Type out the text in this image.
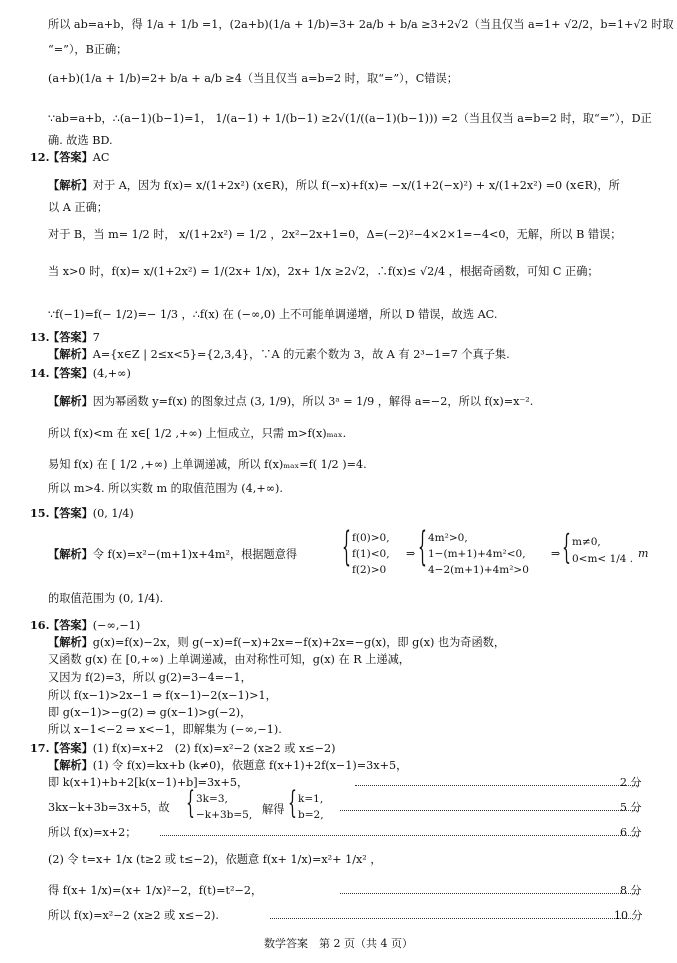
所以 ab=a+b，得 1/a + 1/b =1，(2a+b)(1/a + 1/b)=3+ 2a/b + b/a ≥3+2√2（当且仅当 a=1+ √2/2，b=1+√2 时取
“=”），B正确；
(a+b)(1/a + 1/b)=2+ b/a + a/b ≥4（当且仅当 a=b=2 时，取“=”），C错误；
∵ab=a+b，∴(a−1)(b−1)=1， 1/(a−1) + 1/(b−1) ≥2√(1/((a−1)(b−1))) =2（当且仅当 a=b=2 时，取“=”），D正
确. 故选 BD.
12.
【答案】AC
【解析】对于 A，因为 f(x)= x/(1+2x²) (x∈R)，所以 f(−x)+f(x)= −x/(1+2(−x)²) + x/(1+2x²) =0 (x∈R)，所
以 A 正确；
对于 B，当 m= 1/2 时， x/(1+2x²) = 1/2 ，2x²−2x+1=0，Δ=(−2)²−4×2×1=−4<0，无解，所以 B 错误；
当 x>0 时，f(x)= x/(1+2x²) = 1/(2x+ 1/x)，2x+ 1/x ≥2√2，∴f(x)≤ √2/4 ，根据奇函数，可知 C 正确；
∵f(−1)=f(− 1/2)=− 1/3 ，∴f(x) 在 (−∞,0) 上不可能单调递增，所以 D 错误，故选 AC.
13.
【答案】7
【解析】A={x∈Z | 2≤x<5}={2,3,4}，∵A 的元素个数为 3，故 A 有 2³−1=7 个真子集.
14.
【答案】(4,+∞)
【解析】因为幂函数 y=f(x) 的图象过点 (3, 1/9)，所以 3ᵃ = 1/9 ，解得 a=−2，所以 f(x)=x⁻².
所以 f(x)<m 在 x∈[ 1/2 ,+∞) 上恒成立，只需 m>f(x)ₘₐₓ.
易知 f(x) 在 [ 1/2 ,+∞) 上单调递减，所以 f(x)ₘₐₓ=f( 1/2 )=4.
所以 m>4. 所以实数 m 的取值范围为 (4,+∞).
15.
【答案】(0, 1/4)
【解析】令 f(x)=x²−(m+1)x+4m²，根据题意得	{ f(0)>0,
f(1)<0,
f(2)>0
⇒ { 4m²>0,
1−(m+1)+4m²<0,
4−2(m+1)+4m²>0
⇒ { m≠0,
0<m< 1/4 . m
的取值范围为 (0, 1/4).
16.
【答案】(−∞,−1)
【解析】g(x)=f(x)−2x，则 g(−x)=f(−x)+2x=−f(x)+2x=−g(x)，即 g(x) 也为奇函数，
又函数 g(x) 在 [0,+∞) 上单调递减，由对称性可知，g(x) 在 R 上递减，
又因为 f(2)=3，所以 g(2)=3−4=−1，
所以 f(x−1)>2x−1 ⇒ f(x−1)−2(x−1)>1，
即 g(x−1)>−g(2) ⇒ g(x−1)>g(−2)，
所以 x−1<−2 ⇒ x<−1，即解集为 (−∞,−1).
17.
【答案】(1) f(x)=x+2　(2) f(x)=x²−2 (x≥2 或 x≤−2)
【解析】(1) 令 f(x)=kx+b (k≠0)，依题意 f(x+1)+2f(x−1)=3x+5，
即 k(x+1)+b+2[k(x−1)+b]=3x+5，	2 分
3kx−k+3b=3x+5，故 { 3k=3,
−k+3b=5, 解得 { k=1,
b=2,
5 分
所以 f(x)=x+2；	6 分
(2) 令 t=x+ 1/x (t≥2 或 t≤−2)，依题意 f(x+ 1/x)=x²+ 1/x² ，
得 f(x+ 1/x)=(x+ 1/x)²−2，f(t)=t²−2，	8 分
所以 f(x)=x²−2 (x≥2 或 x≤−2).	10 分
数学答案　第 2 页（共 4 页）
